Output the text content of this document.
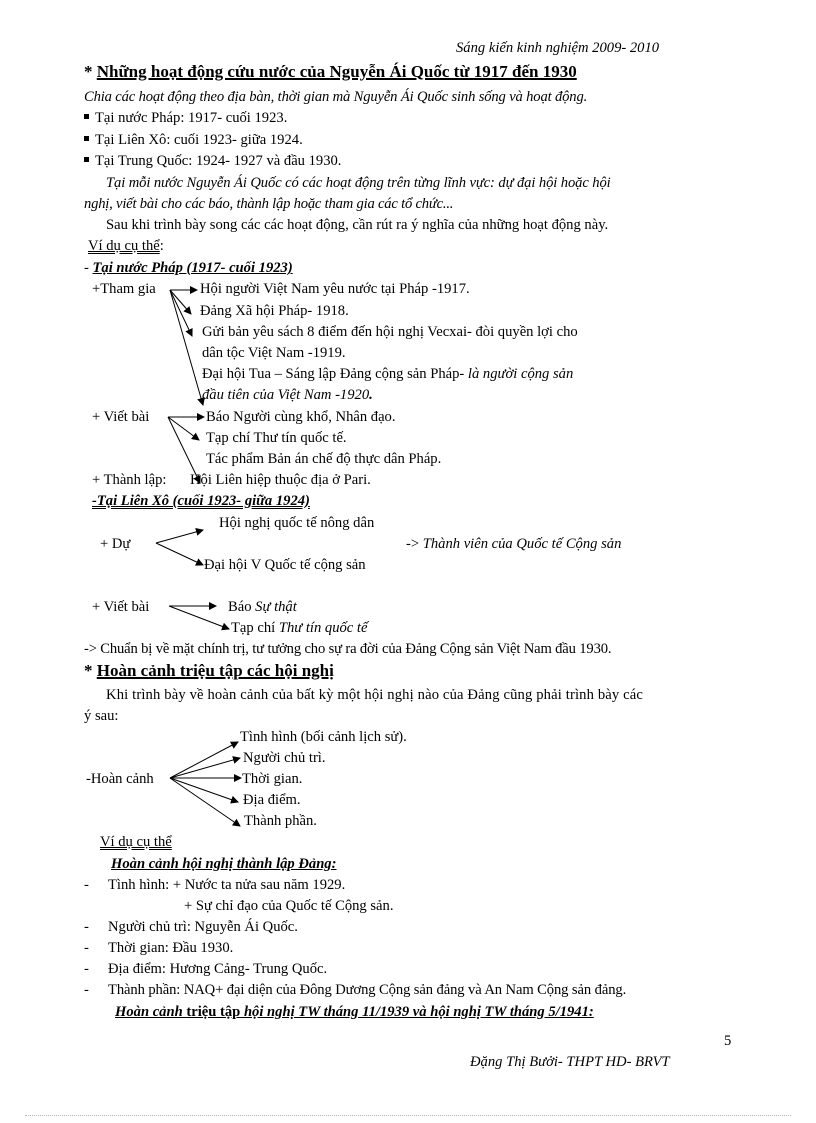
Sáng kiến kinh nghiệm 2009- 2010
* Những hoạt động cứu nước của Nguyễn Ái Quốc từ 1917 đến 1930
Chia các hoạt động theo địa bàn, thời gian mà Nguyễn Ái Quốc sinh sống và hoạt động.
Tại nước Pháp: 1917- cuối 1923.
Tại Liên Xô: cuối 1923- giữa 1924.
Tại Trung Quốc: 1924- 1927 và đầu 1930.
Tại mỗi nước Nguyễn Ái Quốc có các hoạt động trên từng lĩnh vực: dự đại hội hoặc hội
nghị, viết bài cho các báo, thành lập hoặc tham gia các tổ chức...
Sau khi trình bày song các các hoạt động, cần rút ra ý nghĩa của những hoạt động này.
Ví dụ cụ thể:
- Tại nước Pháp (1917- cuối 1923)
+Tham gia	Hội người Việt Nam yêu nước tại Pháp -1917.
Đảng Xã hội Pháp- 1918.
Gửi bản yêu sách 8 điểm đến hội nghị Vecxai- đòi quyền lợi cho
dân tộc Việt Nam -1919.
Đại hội Tua – Sáng lập Đảng cộng sản Pháp- là người cộng sản
đầu tiên của Việt Nam -1920.
+ Viết bài	Báo Người cùng khổ, Nhân đạo.
Tạp chí Thư tín quốc tế.
Tác phẩm Bản án chế độ thực dân Pháp.
+ Thành lập: Hội Liên hiệp thuộc địa ở Pari.
-Tại Liên Xô (cuối 1923- giữa 1924)
Hội nghị quốc tế nông dân
+ Dự	-> Thành viên của Quốc tế Cộng sản
Đại hội V Quốc tế cộng sản
+ Viết bài	Báo Sự thật
Tạp chí Thư tín quốc tế
-> Chuẩn bị về mặt chính trị, tư tưởng cho sự ra đời của Đảng Cộng sản Việt Nam đầu 1930.
* Hoàn cảnh triệu tập các hội nghị
Khi trình bày về hoàn cảnh của bất kỳ một hội nghị nào của Đảng cũng phải trình bày các
ý sau:
Tình hình (bối cảnh lịch sử).
Người chủ trì.
-Hoàn cảnh	Thời gian.
Địa điểm.
Thành phần.
Ví dụ cụ thể
Hoàn cảnh hội nghị thành lập Đảng:
- Tình hình: + Nước ta nửa sau năm 1929.
+ Sự chỉ đạo của Quốc tế Cộng sản.
- Người chủ trì: Nguyễn Ái Quốc.
- Thời gian: Đầu 1930.
- Địa điểm: Hương Cảng- Trung Quốc.
- Thành phần: NAQ+ đại diện của Đông Dương Cộng sản đảng và An Nam Cộng sản đảng.
Hoàn cảnh triệu tập hội nghị TW tháng 11/1939 và hội nghị TW tháng 5/1941:
5
Đặng Thị Bưởi- THPT HD- BRVT
